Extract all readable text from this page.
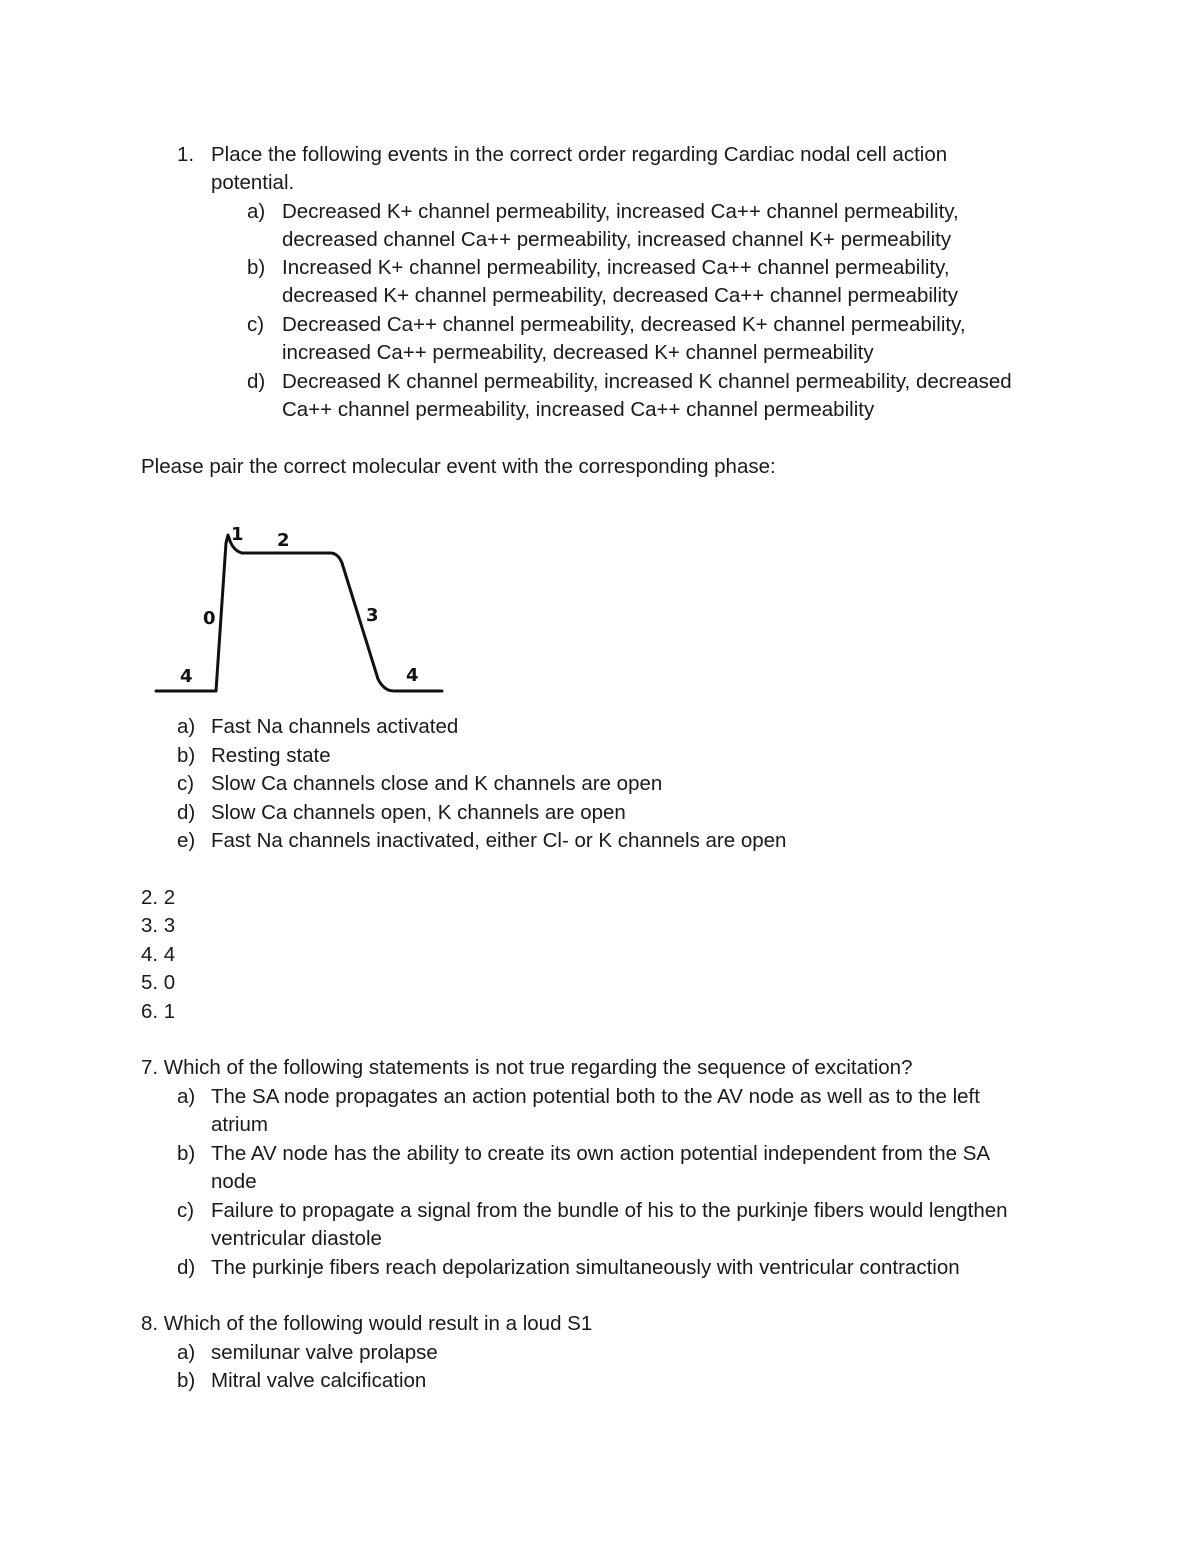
1. Place the following events in the correct order regarding Cardiac nodal cell action
potential.
a) Decreased K+ channel permeability, increased Ca++ channel permeability,
decreased channel Ca++ permeability, increased channel K+ permeability
b) Increased K+ channel permeability, increased Ca++ channel permeability,
decreased K+ channel permeability, decreased Ca++ channel permeability
c) Decreased Ca++ channel permeability, decreased K+ channel permeability,
increased Ca++ permeability, decreased K+ channel permeability
d) Decreased K channel permeability, increased K channel permeability, decreased
Ca++ channel permeability, increased Ca++ channel permeability
Please pair the correct molecular event with the corresponding phase:
0
1 2
3
4	4
a) Fast Na channels activated
b) Resting state
c) Slow Ca channels close and K channels are open
d) Slow Ca channels open, K channels are open
e) Fast Na channels inactivated, either Cl- or K channels are open
2. 2
3. 3
4. 4
5. 0
6. 1
7. Which of the following statements is not true regarding the sequence of excitation?
a) The SA node propagates an action potential both to the AV node as well as to the left
atrium
b) The AV node has the ability to create its own action potential independent from the SA
node
c) Failure to propagate a signal from the bundle of his to the purkinje fibers would lengthen
ventricular diastole
d) The purkinje fibers reach depolarization simultaneously with ventricular contraction
8. Which of the following would result in a loud S1
a) semilunar valve prolapse
b) Mitral valve calcification
